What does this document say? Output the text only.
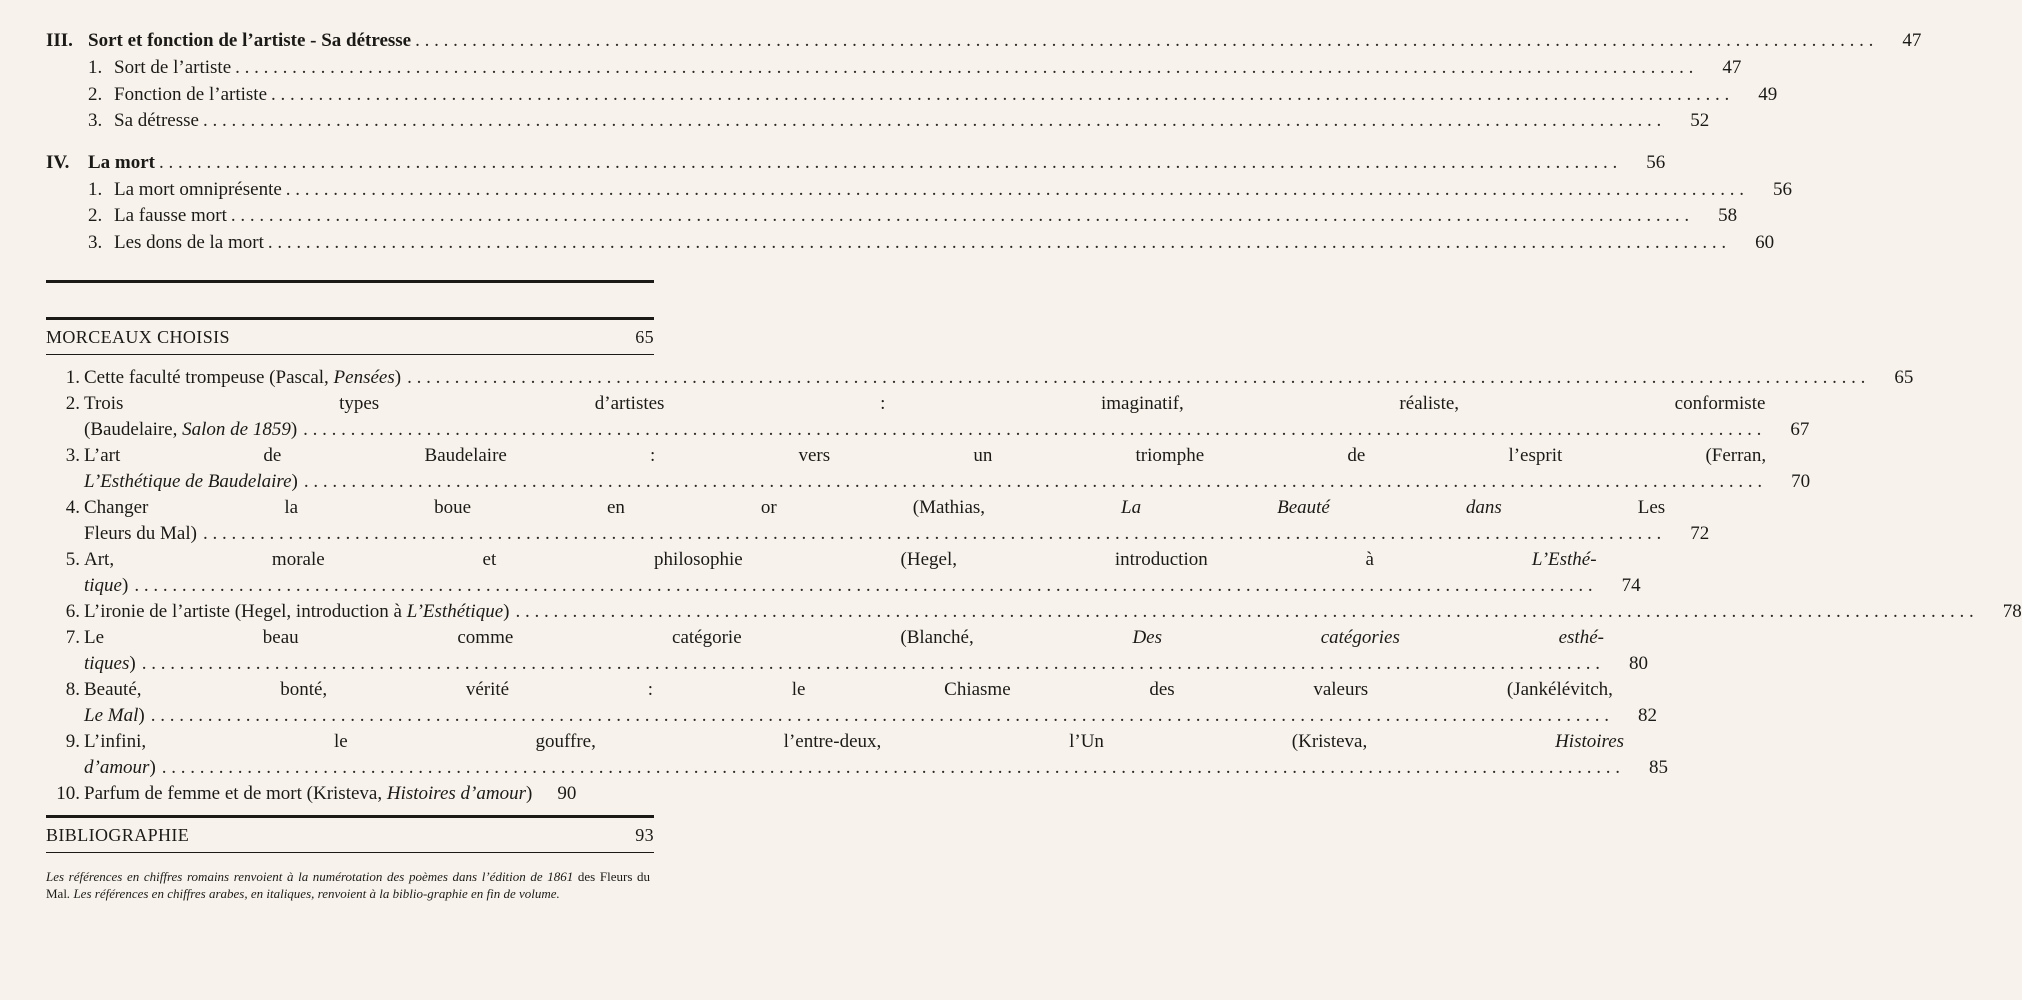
III. Sort et fonction de l’artiste - Sa détresse . . .	47
1. Sort de l’artiste . . .	47
2. Fonction de l’artiste . . .	49
3. Sa détresse . . .	52
IV. La mort . . .	56
1. La mort omniprésente . . .	56
2. La fausse mort . . .	58
3. Les dons de la mort . . .	60
MORCEAUX CHOISIS	65
1. Cette faculté trompeuse (Pascal, Pensées) . . .	65
2. Trois types d’artistes : imaginatif, réaliste, conformiste
(Baudelaire, Salon de 1859) . . .	67
3. L’art de Baudelaire : vers un triomphe de l’esprit (Ferran,
L’Esthétique de Baudelaire) . . .	70
4. Changer la boue en or (Mathias, La Beauté dans Les
Fleurs du Mal) . . .	72
5. Art, morale et philosophie (Hegel, introduction à L’Esthé-
tique) . . .	74
6. L’ironie de l’artiste (Hegel, introduction à L’Esthétique) . . .	78
7. Le beau comme catégorie (Blanché, Des catégories esthé-
tiques) . . .	80
8. Beauté, bonté, vérité : le Chiasme des valeurs (Jankélévitch,
Le Mal) . . .	82
9. L’infini, le gouffre, l’entre-deux, l’Un (Kristeva, Histoires
d’amour) . . .	85
10. Parfum de femme et de mort (Kristeva, Histoires d’amour)	90
BIBLIOGRAPHIE	93
Les références en chiffres romains renvoient à la numérotation des poèmes dans l’édition de 1861 des Fleurs du Mal. Les références en chiffres arabes, en italiques, renvoient à la biblio-graphie en fin de volume.
